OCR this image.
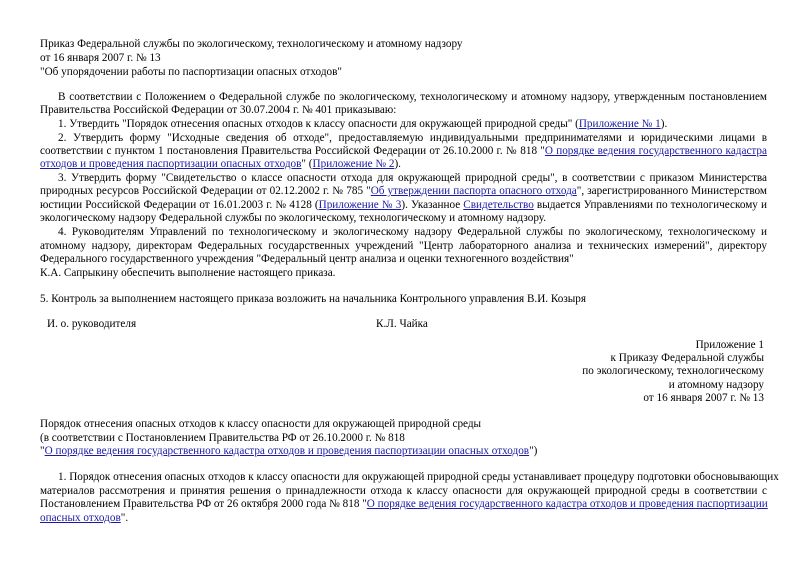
Приказ Федеральной службы по экологическому, технологическому и атомному надзору
от 16 января 2007 г. № 13
"Об упорядочении работы по паспортизации опасных отходов"
В соответствии с Положением о Федеральной службе по экологическому, технологическому и атомному надзору, утвержденным постановлением
Правительства Российской Федерации от 30.07.2004 г. № 401 приказываю:
1. Утвердить "Порядок отнесения опасных отходов к классу опасности для окружающей природной среды" (Приложение № 1).
2. Утвердить форму "Исходные сведения об отходе", предоставляемую индивидуальными предпринимателями и юридическими лицами в
соответствии с пунктом 1 постановления Правительства Российской Федерации от 26.10.2000 г. № 818 "О порядке ведения государственного кадастра
отходов и проведения паспортизации опасных отходов" (Приложение № 2).
3. Утвердить форму "Свидетельство о классе опасности отхода для окружающей природной среды", в соответствии с приказом Министерства
природных ресурсов Российской Федерации от 02.12.2002 г. № 785 "Об утверждении паспорта опасного отхода", зарегистрированного Министерством
юстиции Российской Федерации от 16.01.2003 г. № 4128 (Приложение № 3). Указанное Свидетельство выдается Управлениями по технологическому и
экологическому надзору Федеральной службы по экологическому, технологическому и атомному надзору.
4. Руководителям Управлений по технологическому и экологическому надзору Федеральной службы по экологическому, технологическому и
атомному надзору, директорам Федеральных государственных учреждений "Центр лабораторного анализа и технических измерений", директору
Федерального государственного учреждения "Федеральный центр анализа и оценки техногенного воздействия"
К.А. Сапрыкину обеспечить выполнение настоящего приказа.
5. Контроль за выполнением настоящего приказа возложить на начальника Контрольного управления В.И. Козыря
И. о. руководителя	К.Л. Чайка
Приложение 1
к Приказу Федеральной службы
по экологическому, технологическому
и атомному надзору
от 16 января 2007 г. № 13
Порядок отнесения опасных отходов к классу опасности для окружающей природной среды
(в соответствии с Постановлением Правительства РФ от 26.10.2000 г. № 818
"О порядке ведения государственного кадастра отходов и проведения паспортизации опасных отходов")
1. Порядок отнесения опасных отходов к классу опасности для окружающей природной среды устанавливает процедуру подготовки обосновывающих
материалов рассмотрения и принятия решения о принадлежности отхода к классу опасности для окружающей природной среды в соответствии с
Постановлением Правительства РФ от 26 октября 2000 года № 818 "О порядке ведения государственного кадастра отходов и проведения паспортизации
опасных отходов".
